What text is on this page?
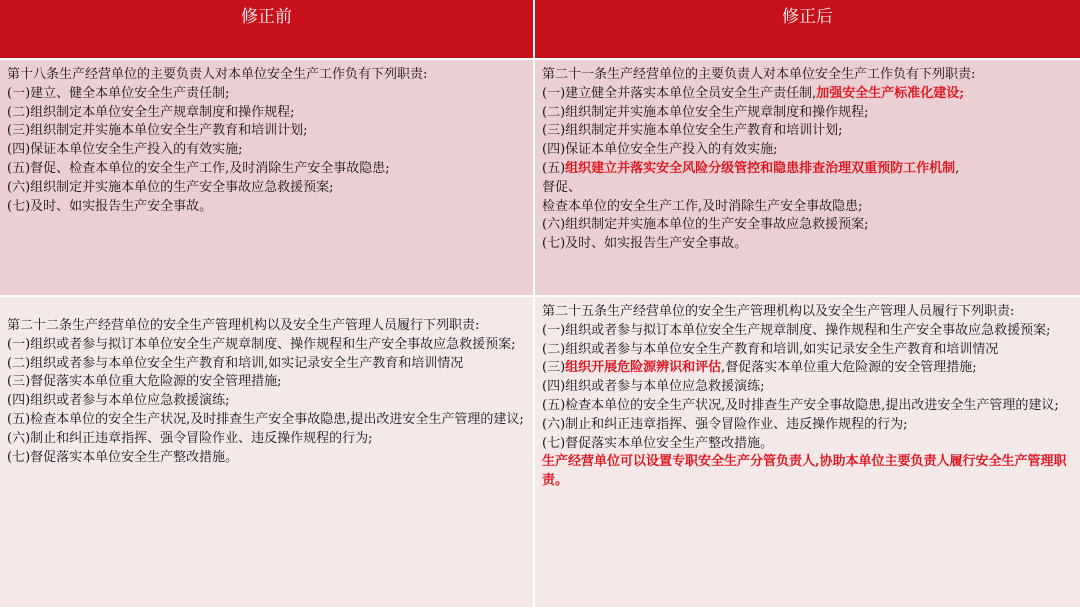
修正前	修正后
第十八条生产经营单位的主要负责人对本单位安全生产工作负有下列职责:
(一)建立、健全本单位安全生产责任制;
(二)组织制定本单位安全生产规章制度和操作规程;
(三)组织制定并实施本单位安全生产教育和培训计划;
(四)保证本单位安全生产投入的有效实施;
(五)督促、检查本单位的安全生产工作,及时消除生产安全事故隐患;
(六)组织制定并实施本单位的生产安全事故应急救援预案;
(七)及时、如实报告生产安全事故。
第二十一条生产经营单位的主要负责人对本单位安全生产工作负有下列职责:
(一)建立健全并落实本单位全员安全生产责任制,加强安全生产标准化建设;
(二)组织制定并实施本单位安全生产规章制度和操作规程;
(三)组织制定并实施本单位安全生产教育和培训计划;
(四)保证本单位安全生产投入的有效实施;
(五)组织建立并落实安全风险分级管控和隐患排查治理双重预防工作机制,
督促、
检查本单位的安全生产工作,及时消除生产安全事故隐患;
(六)组织制定并实施本单位的生产安全事故应急救援预案;
(七)及时、如实报告生产安全事故。
第二十二条生产经营单位的安全生产管理机构以及安全生产管理人员履行下列职责:
(一)组织或者参与拟订本单位安全生产规章制度、操作规程和生产安全事故应急救援预案;
(二)组织或者参与本单位安全生产教育和培训,如实记录安全生产教育和培训情况
(三)督促落实本单位重大危险源的安全管理措施;
(四)组织或者参与本单位应急救援演练;
(五)检查本单位的安全生产状况,及时排查生产安全事故隐患,提出改进安全生产管理的建议;
(六)制止和纠正违章指挥、强令冒险作业、违反操作规程的行为;
(七)督促落实本单位安全生产整改措施。
第二十五条生产经营单位的安全生产管理机构以及安全生产管理人员履行下列职责:
(一)组织或者参与拟订本单位安全生产规章制度、操作规程和生产安全事故应急救援预案;
(二)组织或者参与本单位安全生产教育和培训,如实记录安全生产教育和培训情况
(三)组织开展危险源辨识和评估,督促落实本单位重大危险源的安全管理措施;
(四)组织或者参与本单位应急救援演练;
(五)检查本单位的安全生产状况,及时排查生产安全事故隐患,提出改进安全生产管理的建议;
(六)制止和纠正违章指挥、强令冒险作业、违反操作规程的行为;
(七)督促落实本单位安全生产整改措施。
生产经营单位可以设置专职安全生产分管负责人,协助本单位主要负责人履行安全生产管理职责。
